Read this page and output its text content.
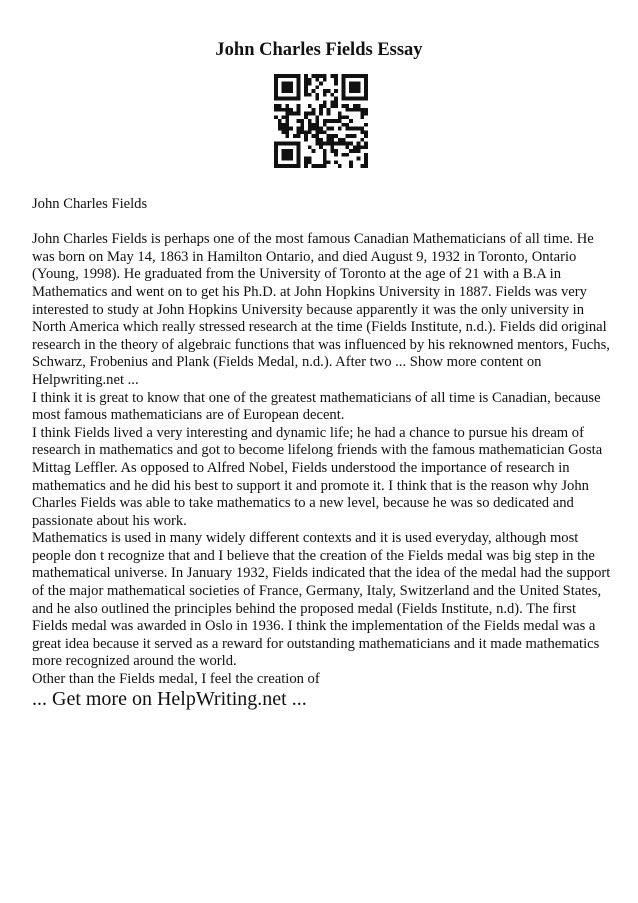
John Charles Fields Essay

John Charles Fields

John Charles Fields is perhaps one of the most famous Canadian Mathematicians of all time. He was born on May 14, 1863 in Hamilton Ontario, and died August 9, 1932 in Toronto, Ontario (Young, 1998). He graduated from the University of Toronto at the age of 21 with a B.A in Mathematics and went on to get his Ph.D. at John Hopkins University in 1887. Fields was very interested to study at John Hopkins University because apparently it was the only university in North America which really stressed research at the time (Fields Institute, n.d.). Fields did original research in the theory of algebraic functions that was influenced by his reknowned mentors, Fuchs, Schwarz, Frobenius and Plank (Fields Medal, n.d.). After two ... Show more content on Helpwriting.net ...

I think it is great to know that one of the greatest mathematicians of all time is Canadian, because most famous mathematicians are of European decent.

I think Fields lived a very interesting and dynamic life; he had a chance to pursue his dream of research in mathematics and got to become lifelong friends with the famous mathematician Gosta Mittag Leffler. As opposed to Alfred Nobel, Fields understood the importance of research in mathematics and he did his best to support it and promote it. I think that is the reason why John Charles Fields was able to take mathematics to a new level, because he was so dedicated and passionate about his work.

Mathematics is used in many widely different contexts and it is used everyday, although most people don t recognize that and I believe that the creation of the Fields medal was big step in the mathematical universe. In January 1932, Fields indicated that the idea of the medal had the support of the major mathematical societies of France, Germany, Italy, Switzerland and the United States, and he also outlined the principles behind the proposed medal (Fields Institute, n.d). The first Fields medal was awarded in Oslo in 1936. I think the implementation of the Fields medal was a great idea because it served as a reward for outstanding mathematicians and it made mathematics more recognized around the world.

Other than the Fields medal, I feel the creation of

... Get more on HelpWriting.net ...
